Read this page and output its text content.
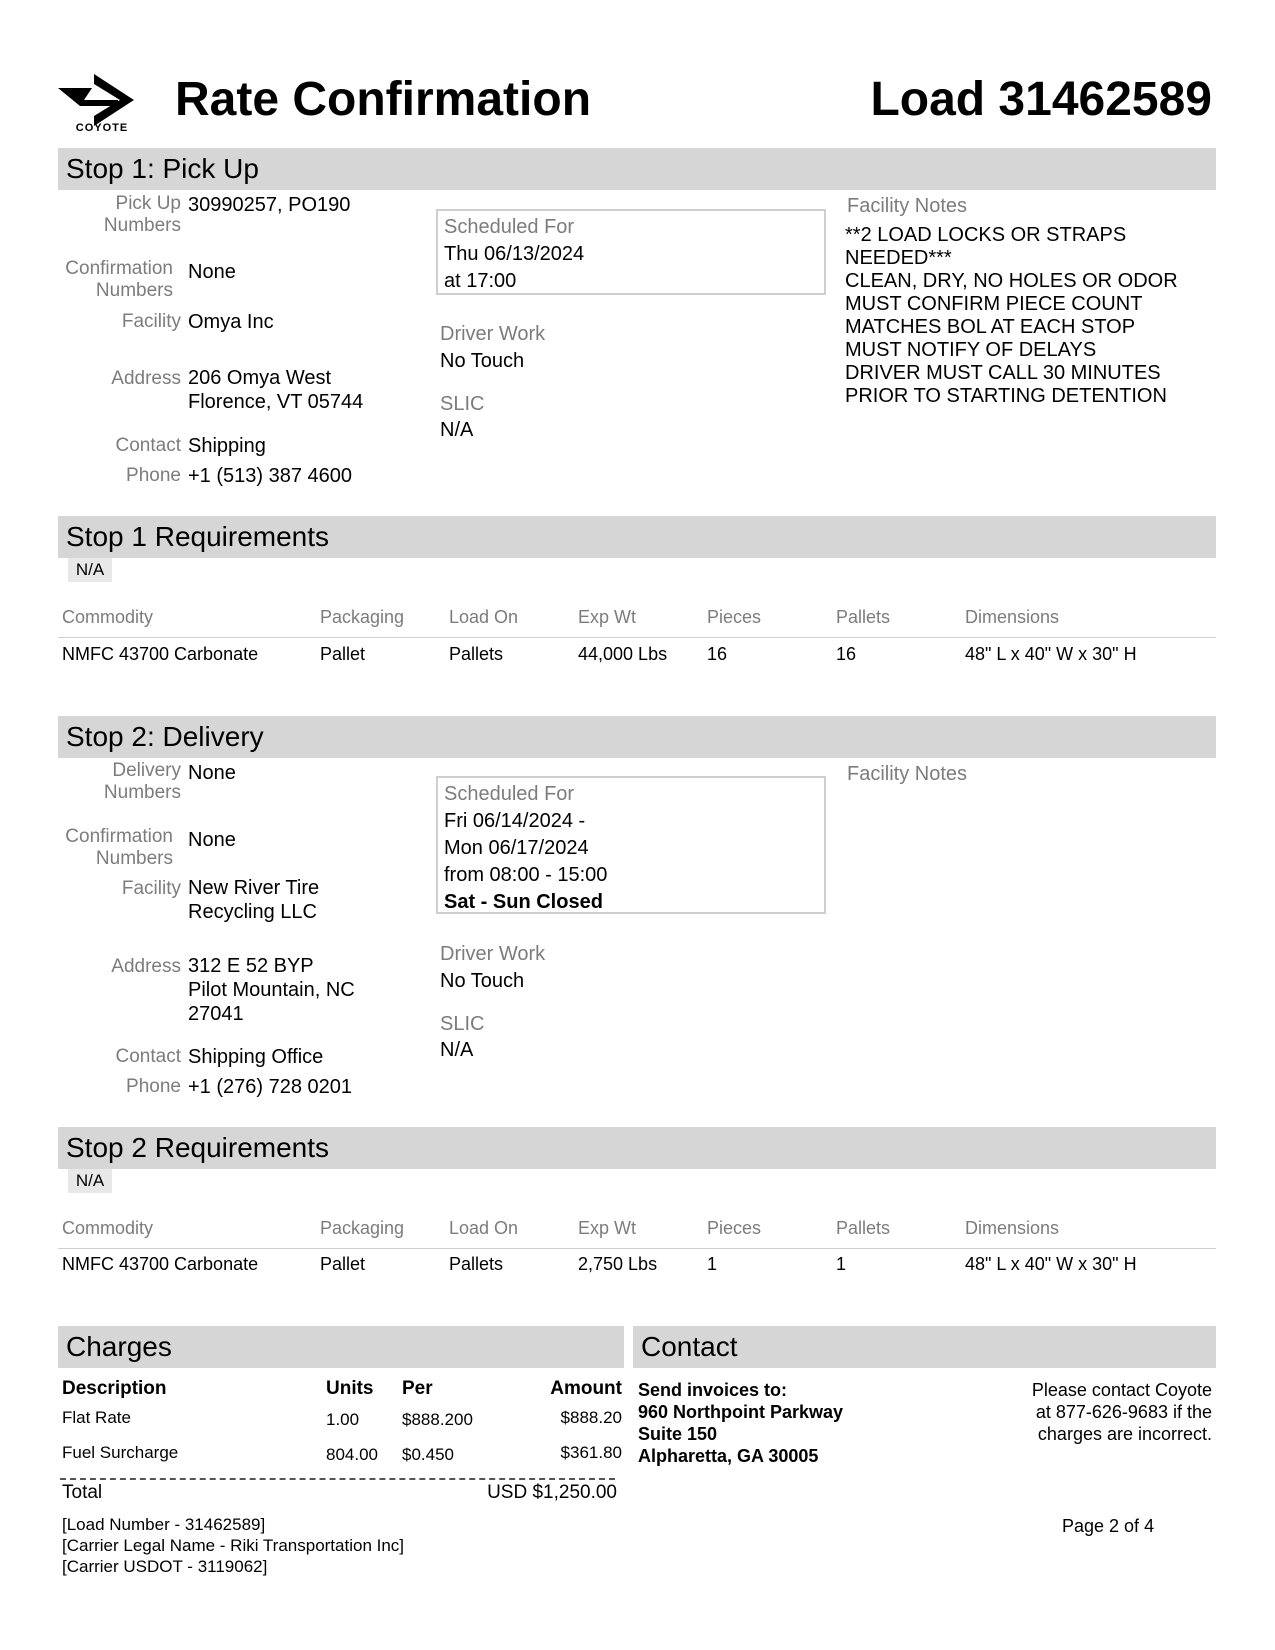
COYOTE
Rate Confirmation	Load 31462589
Stop 1: Pick Up
Pick Up
Numbers
30990257, PO190
Confirmation
Numbers
None
Facility Omya Inc
Address 206 Omya West
Florence, VT 05744
Contact Shipping
Phone +1 (513) 387 4600
Scheduled For
Thu 06/13/2024
at 17:00
Driver Work
No Touch
SLIC
N/A
Facility Notes
**2 LOAD LOCKS OR STRAPS
NEEDED***
CLEAN, DRY, NO HOLES OR ODOR
MUST CONFIRM PIECE COUNT
MATCHES BOL AT EACH STOP
MUST NOTIFY OF DELAYS
DRIVER MUST CALL 30 MINUTES
PRIOR TO STARTING DETENTION
Stop 1 Requirements
N/A
Commodity	Packaging Load On	Exp Wt	Pieces	Pallets	Dimensions
NMFC 43700 Carbonate	Pallet	Pallets	44,000 Lbs 16	16	48" L x 40" W x 30" H
Stop 2: Delivery
Delivery
Numbers
None
Confirmation
Numbers
None
Facility New River Tire
Recycling LLC
Address 312 E 52 BYP
Pilot Mountain, NC
27041
Contact Shipping Office
Phone +1 (276) 728 0201
Scheduled For
Fri 06/14/2024 -
Mon 06/17/2024
from 08:00 - 15:00
Sat - Sun Closed
Driver Work
No Touch
SLIC
N/A
Facility Notes
Stop 2 Requirements
N/A
Commodity	Packaging Load On	Exp Wt	Pieces	Pallets	Dimensions
NMFC 43700 Carbonate	Pallet	Pallets	2,750 Lbs	1	1	48" L x 40" W x 30" H
Charges
Description	Units Per	Amount
Flat Rate	1.00	$888.200	$888.20
Fuel Surcharge	804.00 $0.450	$361.80
Total	USD $1,250.00
Contact
Send invoices to:
960 Northpoint Parkway
Suite 150
Alpharetta, GA 30005
Please contact Coyote
at 877-626-9683 if the
charges are incorrect.
[Load Number - 31462589]
[Carrier Legal Name - Riki Transportation Inc]
[Carrier USDOT - 3119062]
Page 2 of 4
